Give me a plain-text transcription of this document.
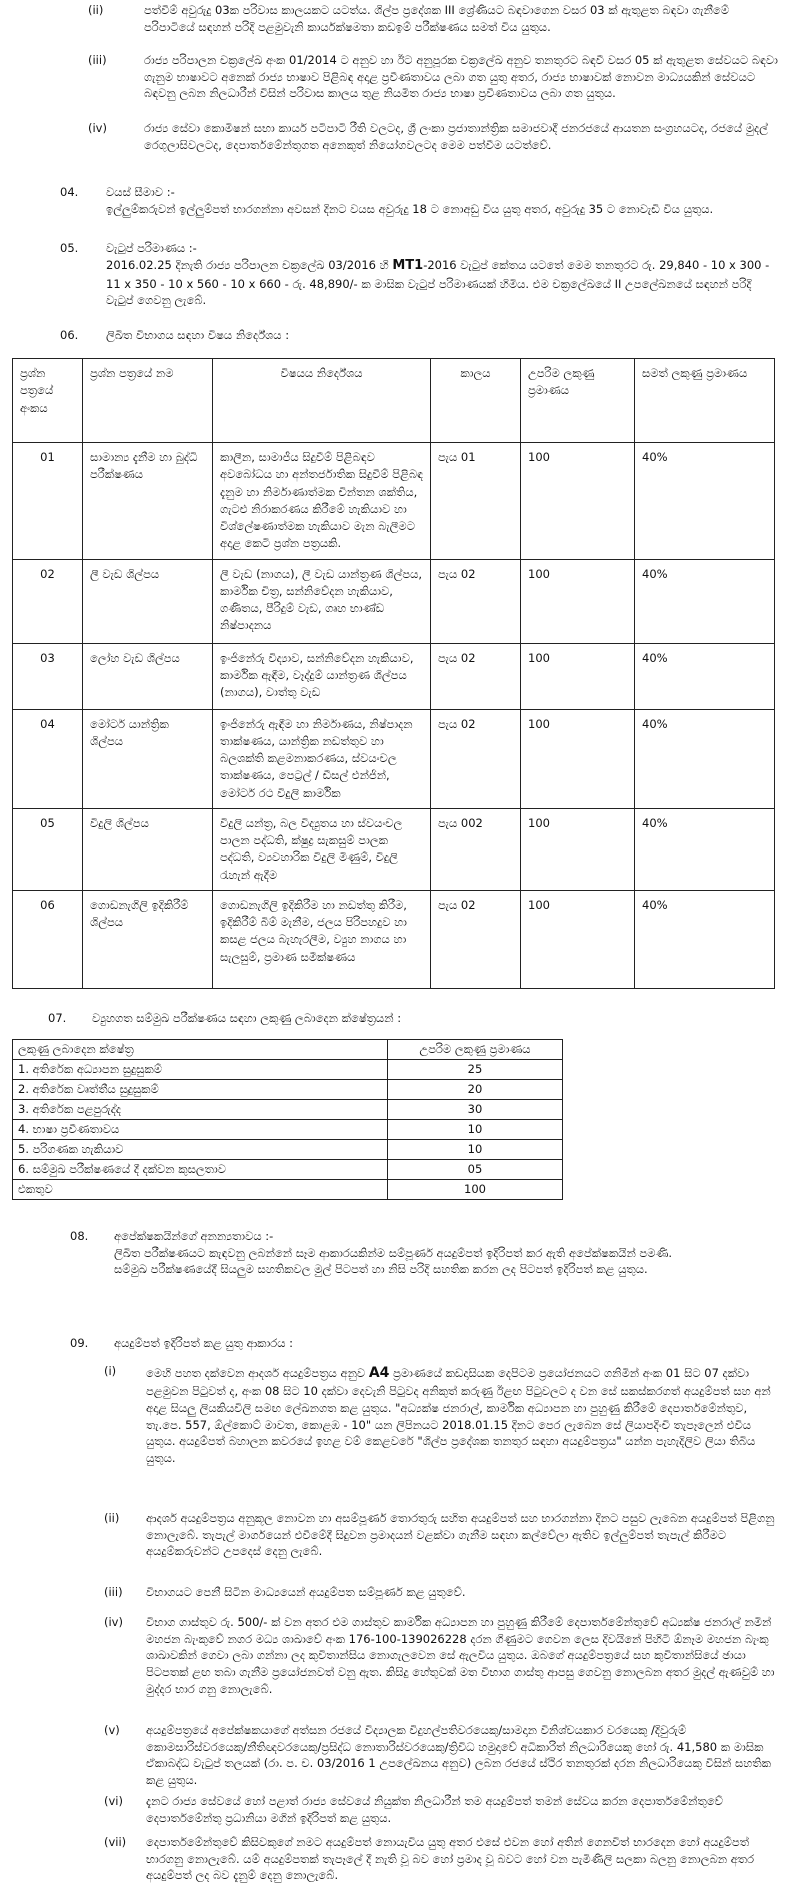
(ii)	පත්වීම් අවුරුදු 03ක පරිවාස කාලයකට යටත්ය. ශිල්ප ප්‍රදේශක III ශ්‍රේණියට බඳවාගෙන වසර 03 ක් ඇතුළත බඳවා ගැනීමේ පරිපාටියේ සඳහන් පරිදි පළමුවැනි කාර්යක්ෂමතා කඩඉම් පරීක්ෂණය සමත් විය යුතුය.
(iii)	රාජ්‍ය පරිපාලන චක්‍රලේඛ අංක 01/2014 ට අනුව හා ඊට අනුපූරක චක්‍රලේඛ අනුව තනතුරට බඳවී වසර 05 ක් ඇතුළත සේවයට බඳවා ගැනුම භාෂාවට අනෙක් රාජ්‍ය භාෂාව පිළිබඳ අදාළ ප්‍රවීණතාවය ලබා ගත යුතු අතර, රාජ්‍ය භාෂාවක් නොවන මාධ්‍යයකින් සේවයට බඳවනු ලබන නිලධාරීන් විසින් පරිවාස කාලය තුළ නියමිත රාජ්‍ය භාෂා ප්‍රවීණතාවය ලබා ගත යුතුය.
(iv)	රාජ්‍ය සේවා කොමිෂන් සභා කාර්ය පටිපාටි රීති වලටද, ශ්‍රී ලංකා ප්‍රජාතාන්ත්‍රික සමාජවාදී ජනරජයේ ආයතන සංග්‍රහයටද, රජයේ මුදල් රෙගුලාසිවලටද, දෙපාර්තමේන්තුගත අනෙකුත් නියෝගවලටද මෙම පත්වීම යටත්වේ.
04. වයස් සීමාව :-
ඉල්ලුම්කරුවන් ඉල්ලුම්පත් භාරගන්නා අවසන් දිනට වයස අවුරුදු 18 ට නොඅඩු විය යුතු අතර, අවුරුදු 35 ට නොවැඩි විය යුතුය.
05. වැටුප් පරිමාණය :-
2016.02.25 දිනැති රාජ්‍ය පරිපාලන චක්‍රලේඛ 03/2016 හි MT1-2016 වැටුප් කේතය යටතේ මෙම තනතුරට රු. 29,840 - 10 x 300 - 11 x 350 - 10 x 560 - 10 x 660 - රු. 48,890/- ක මාසික වැටුප් පරිමාණයක් හිමිය. එම චක්‍රලේඛයේ II උපලේඛනයේ සඳහන් පරිදි වැටුප් ගෙවනු ලැබේ.
06. ලිඛිත විභාගය සඳහා විෂය නිර්දේශය :
ප්‍රශ්න පත්‍රයේ අංකය	ප්‍රශ්න පත්‍රයේ නම	විෂයය නිර්දේශය	කාලය	උපරිම ලකුණු ප්‍රමාණය	සමත් ලකුණු ප්‍රමාණය
01	සාමාන්‍ය දැනීම හා බුද්ධි පරීක්ෂණය	කාලීන, සාමාජීය සිදුවීම් පිළිබඳව අවබෝධය හා අන්තර්ජාතික සිදුවීම් පිළිබඳ දැනුම හා නිර්මාණාත්මක චින්තන ශක්තිය, ගැටළු නිරාකරණය කිරීමේ හැකියාව හා විශ්ලේෂණාත්මක හැකියාව මැන බැලීමට අදාළ කෙටි ප්‍රශ්න පත්‍රයකි.	පැය 01	100	40%
02	ලී වැඩ ශිල්පය	ලී වැඩ (නාගය), ලී වැඩ යාන්ත්‍රණ ශිල්පය, කාර්මික චිත්‍ර, සන්නිවේදන හැකියාව, ගණිතය, පීරිදුම් වැඩ, ගෘහ භාණ්ඩ නිෂ්පාදනය	පැය 02	100	40%
03	ලෝහ වැඩ ශිල්පය	ඉංජිනේරු විද්‍යාව, සන්නිවේදන හැකියාව, කාර්මික ඇඳීම, වෑද්දුම් යාන්ත්‍රණ ශිල්පය (නාගය), වාත්තු වැඩ	පැය 02	100	40%
04	මෝටර් යාන්ත්‍රික ශිල්පය	ඉංජිනේරු ඇඳීම හා නිර්මාණය, නිෂ්පාදන තාක්ෂණය, යාන්ත්‍රික නඩත්තුව හා බලශක්ති කළමනාකරණය, ස්වයංචල තාක්ෂණය, පෙට්‍රල් / ඩීසල් එන්ජින්, මෝටර් රථ විදුලි කාර්මික	පැය 02	100	40%
05	විදුලි ශිල්පය	විදුලි යන්ත්‍ර, බල විද්‍යුතය හා ස්වයංචල පාලන පද්ධති, ක්ෂුද්‍ර සැකසුම් පාලක පද්ධති, ව්‍යවහාරික විදුලි මිණුම්, විදුලි රැහැන් ඇදීම	පැය 002	100	40%
06	ගොඩනැගිලි ඉදිකිරීම් ශිල්පය	ගොඩනැගිලි ඉදිකිරීම හා නඩත්තු කිරීම, ඉදිකිරීම් බිම් මැනීම, ජලය පිරිපහදුව හා කසළ ජලය බැහැරලීම, ව්‍යුහ නාගය හා සැලසුම්, ප්‍රමාණ සමීක්ෂණය	පැය 02	100	40%
07. ව්‍යුහගත සම්මුඛ පරීක්ෂණය සඳහා ලකුණු ලබාදෙන ක්ෂේත්‍රයන් :
ලකුණු ලබාදෙන ක්ෂේත්‍ර	උපරිම ලකුණු ප්‍රමාණය
1. අතිරේක අධ්‍යාපන සුදුසුකම්	25
2. අතිරේක වෘත්තීය සුදුසුකම්	20
3. අතිරේක පළපුරුද්ද	30
4. භාෂා ප්‍රවීණතාවය	10
5. පරිගණක හැකියාව	10
6. සම්මුඛ පරීක්ෂණයේ දී දක්වන කුසලතාව	05
එකතුව	100
08. අපේක්ෂකයින්ගේ අනන්‍යතාවය :-
ලිඛිත පරීක්ෂණයට කැඳවනු ලබන්නේ සෑම ආකාරයකින්ම සම්පූර්ණ අයදුම්පත් ඉදිරිපත් කර ඇති අපේක්ෂකයින් පමණි.
සම්මුඛ පරීක්ෂණයේදී සියලුම සහතිකවල මුල් පිටපත් හා නිසි පරිදි සහතික කරන ලද පිටපත් ඉදිරිපත් කළ යුතුය.
09. අයදුම්පත් ඉදිරිපත් කළ යුතු ආකාරය :
(i)	මෙහි පහත දක්වෙන ආදර්ශ අයදුම්පත්‍රය අනුව A4 ප්‍රමාණයේ කඩදාසියක දෙපිටම ප්‍රයෝජනයට ගනිමින් අංක 01 සිට 07 දක්වා පළමුවන පිටුවත් ද, අංක 08 සිට 10 දක්වා දෙවැනි පිටුවද අනිකුත් කරුණු ඊළඟ පිටුවලට ද වන සේ සකස්කරගත් අයදුම්පත් සහ අන් අදාළ සියලු ලියකියවිලි සමඟ ලේඛනගත කළ යුතුය. "අධ්‍යක්ෂ ජනරාල්, කාර්මික අධ්‍යාපන හා පුහුණු කිරීමේ දෙපාර්තමේන්තුව, තැ.පෙ. 557, ඕල්කොට් මාවත, කොළඹ - 10" යන ලිපිනයට 2018.01.15 දිනට පෙර ලැබෙන සේ ලියාපදිංචි තැපෑලෙන් එවිය යුතුය. අයදුම්පත් බහාලන කවරයේ ඉහළ වම් කෙළවරේ "ශිල්ප ප්‍රදේශක තනතුර සඳහා අයදුම්පත්‍රය" යන්න පැහැදිලිව ලියා තිබිය යුතුය.
(ii) ආදර්ශ අයදුම්පත්‍රය අනුකූල නොවන හා අසම්පූර්ණ තොරතුරු සහිත අයදුම්පත් සහ භාරගන්නා දිනට පසුව ලැබෙන අයදුම්පත් පිළිගනු නොලැබේ. තැපැල් මාර්ගයෙන් එවීමේදී සිදුවන ප්‍රමාදයන් වළක්වා ගැනීම සඳහා කල්වේලා ඇතිව ඉල්ලුම්පත් තැපැල් කිරීමට අයදුම්කරුවන්ට උපදෙස් දෙනු ලැබේ.
(iii) විභාගයට පෙනී සිටින මාධ්‍යයෙන් අයදුම්පත සම්පූර්ණ කළ යුතුවේ.
(iv) විභාග ගාස්තුව රු. 500/- ක් වන අතර එම ගාස්තුව කාර්මික අධ්‍යාපන හා පුහුණු කිරීමේ දෙපාර්තමේන්තුවේ අධ්‍යක්ෂ ජනරාල් නමින් මහජන බැංකුවේ නගර මධ්‍ය ශාඛාවේ අංක 176-100-139026228 දරන ගිණුමට ගෙවන ලෙස දිවයිනේ පිහිටි ඕනෑම මහජන බැංකු ශාඛාවකින් ගෙවා ලබා ගන්නා ලද කුවිතාන්සිය නොගැලවෙන සේ ඇලවිය යුතුය. ඔබගේ අයදුම්පත්‍රයේ සහ කුවිතාන්සියේ ඡායා පිටපතක් ළඟ තබා ගැනීම ප්‍රයෝජනවත් වනු ඇත. කිසිදු හේතුවක් මත විභාග ගාස්තු ආපසු ගෙවනු නොලබන අතර මුදල් ඇණවුම් හා මුද්දර භාර ගනු නොලැබේ.
(v) අයදුම්පත්‍රයේ අපේක්ෂකයාගේ අත්සන රජයේ විද්‍යාලක විදුහල්පතිවරයෙකු/සාමදාන විනිශ්චයකාර වරයෙකු /දිවුරුම් කොමසාරිස්වරයෙකු/නීතිඥවරයෙකු/ප්‍රසිද්ධ නොතාරිස්වරයෙකු/ත්‍රිවිධ හමුදාවේ අධිකාරිත් නිලධාරියෙකු හෝ රු. 41,580 ක මාසික ඒකාබද්ධ වැටුප් තලයක් (රා. ප. ච. 03/2016 1 උපලේඛනය අනුව) ලබන රජයේ ස්ථිර තනතුරක් දරන නිලධාරියෙකු විසින් සහතික කළ යුතුය.
(vi) දැනට රාජ්‍ය සේවයේ හෝ පළාත් රාජ්‍ය සේවයේ නියුක්ත නිලධාරීන් තම අයදුම්පත් තමන් සේවය කරන දෙපාර්තමේන්තුවේ දෙපාර්තමේන්තු ප්‍රධානියා මගින් ඉදිරිපත් කළ යුතුය.
(vii) දෙපාර්තමේන්තුවේ කිසිවකුගේ නමට අයදුම්පත් නොයැවිය යුතු අතර එසේ එවන හෝ අතින් ගෙනවිත් භාරදෙන හෝ අයදුම්පත් භාරගනු නොලැබේ. යම් අයදුම්පතක් තැපෑලේ දී නැති වූ බව හෝ ප්‍රමාද වූ බවට හෝ වන පැමිණිලි සලකා බලනු නොලබන අතර අයදුම්පත් ලද බව දැනුම් දෙනු නොලැබේ.
